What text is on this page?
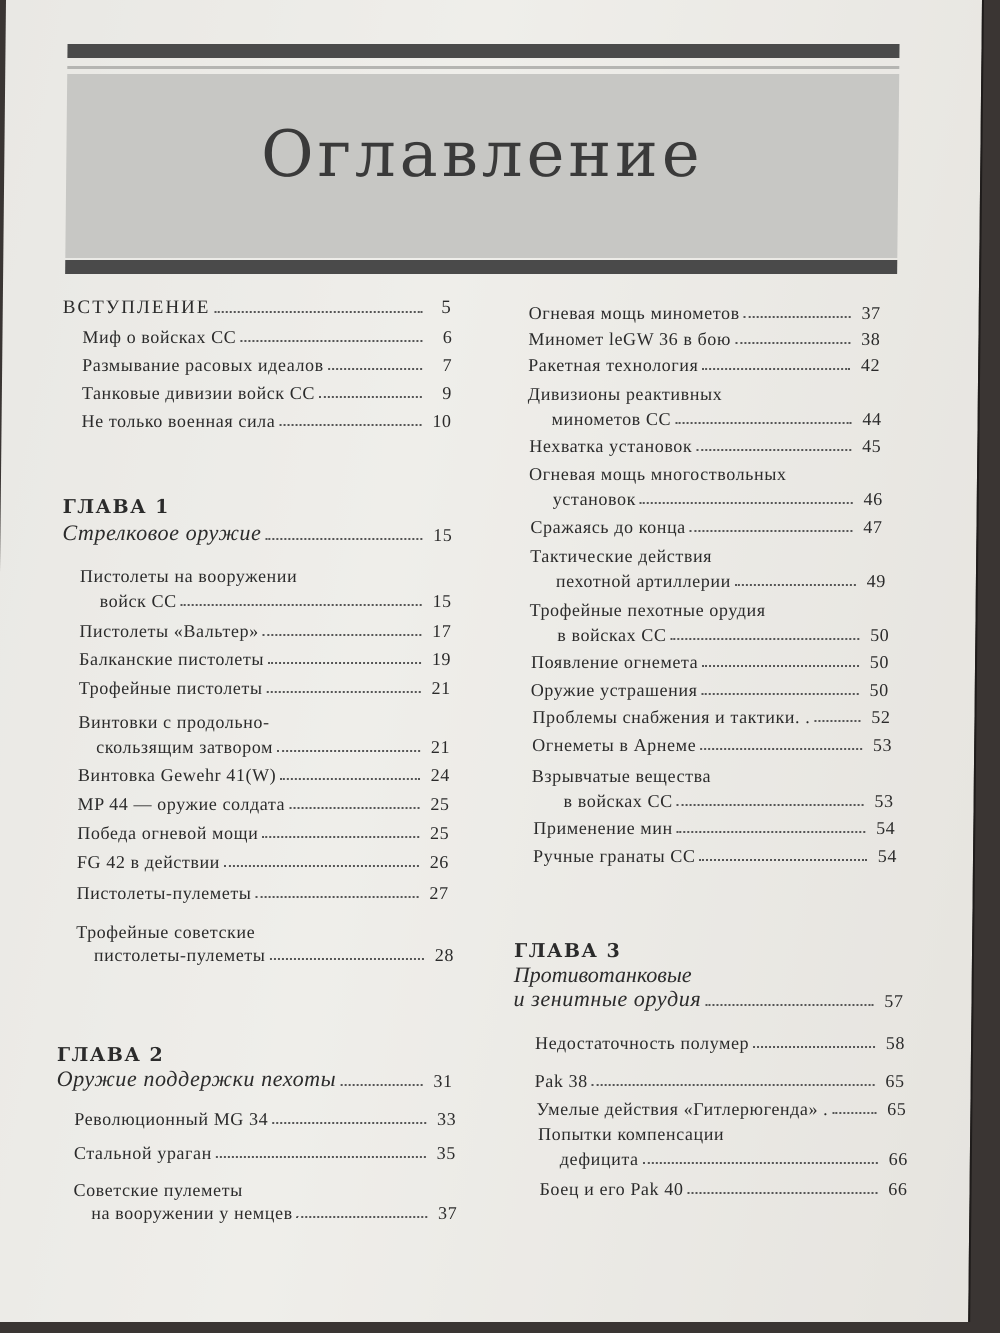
Оглавление
ВСТУПЛЕНИЕ	5
Миф о войсках СС	6
Размывание расовых идеалов	7
Танковые дивизии войск СС	9
Не только военная сила	10
ГЛАВА 1
Стрелковое оружие	15
Пистолеты на вооружении
войск СС	15
Пистолеты «Вальтер»	17
Балканские пистолеты	19
Трофейные пистолеты	21
Винтовки с продольно-
скользящим затвором	21
Винтовка Gewehr 41(W)	24
MP 44 — оружие солдата	25
Победа огневой мощи	25
FG 42 в действии	26
Пистолеты-пулеметы	27
Трофейные советские
пистолеты-пулеметы	28
ГЛАВА 2
Оружие поддержки пехоты	31
Революционный MG 34	33
Стальной ураган	35
Советские пулеметы
на вооружении у немцев	37
Огневая мощь минометов	37
Миномет leGW 36 в бою	38
Ракетная технология	42
Дивизионы реактивных
минометов СС	44
Нехватка установок	45
Огневая мощь многоствольных
установок	46
Сражаясь до конца	47
Тактические действия
пехотной артиллерии	49
Трофейные пехотные орудия
в войсках СС	50
Появление огнемета	50
Оружие устрашения	50
Проблемы снабжения и тактики. .	52
Огнеметы в Арнеме	53
Взрывчатые вещества
в войсках СС	53
Применение мин	54
Ручные гранаты СС	54
ГЛАВА 3
Противотанковые
и зенитные орудия	57
Недостаточность полумер	58
Pak 38	65
Умелые действия «Гитлерюгенда» .	65
Попытки компенсации
дефицита	66
Боец и его Pak 40	66
